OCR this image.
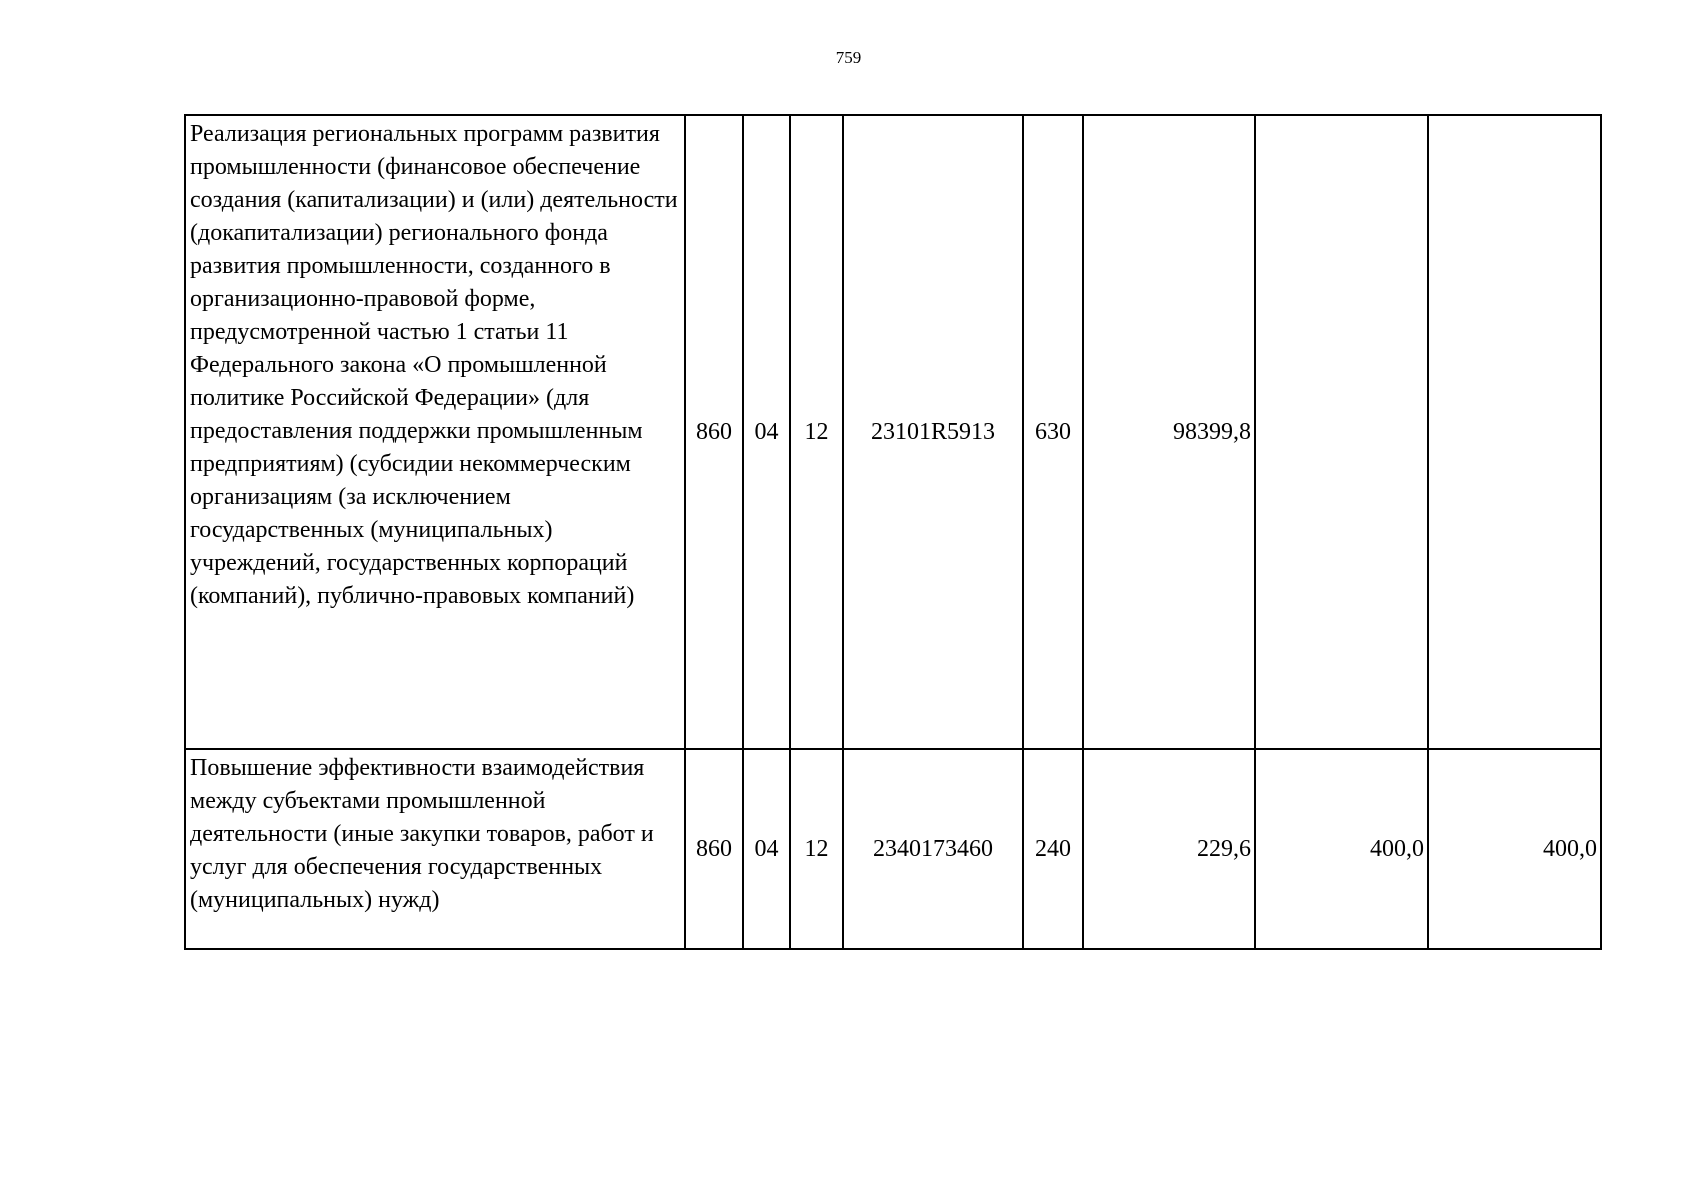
759
Реализация региональных программ развития промышленности (финансовое обеспечение создания (капитализации) и (или) деятельности (докапитализации) регионального фонда развития промышленности, созданного в организационно-правовой форме, предусмотренной частью 1 статьи 11 Федерального закона «О промышленной политике Российской Федерации» (для предоставления поддержки промышленным предприятиям) (субсидии некоммерческим организациям (за исключением государственных (муниципальных) учреждений, государственных корпораций (компаний), публично-правовых компаний)	860	04	12	23101R5913	630	98399,8		
Повышение эффективности взаимодействия между субъектами промышленной деятельности (иные закупки товаров, работ и услуг для обеспечения государственных (муниципальных) нужд)	860	04	12	2340173460	240	229,6	400,0	400,0
